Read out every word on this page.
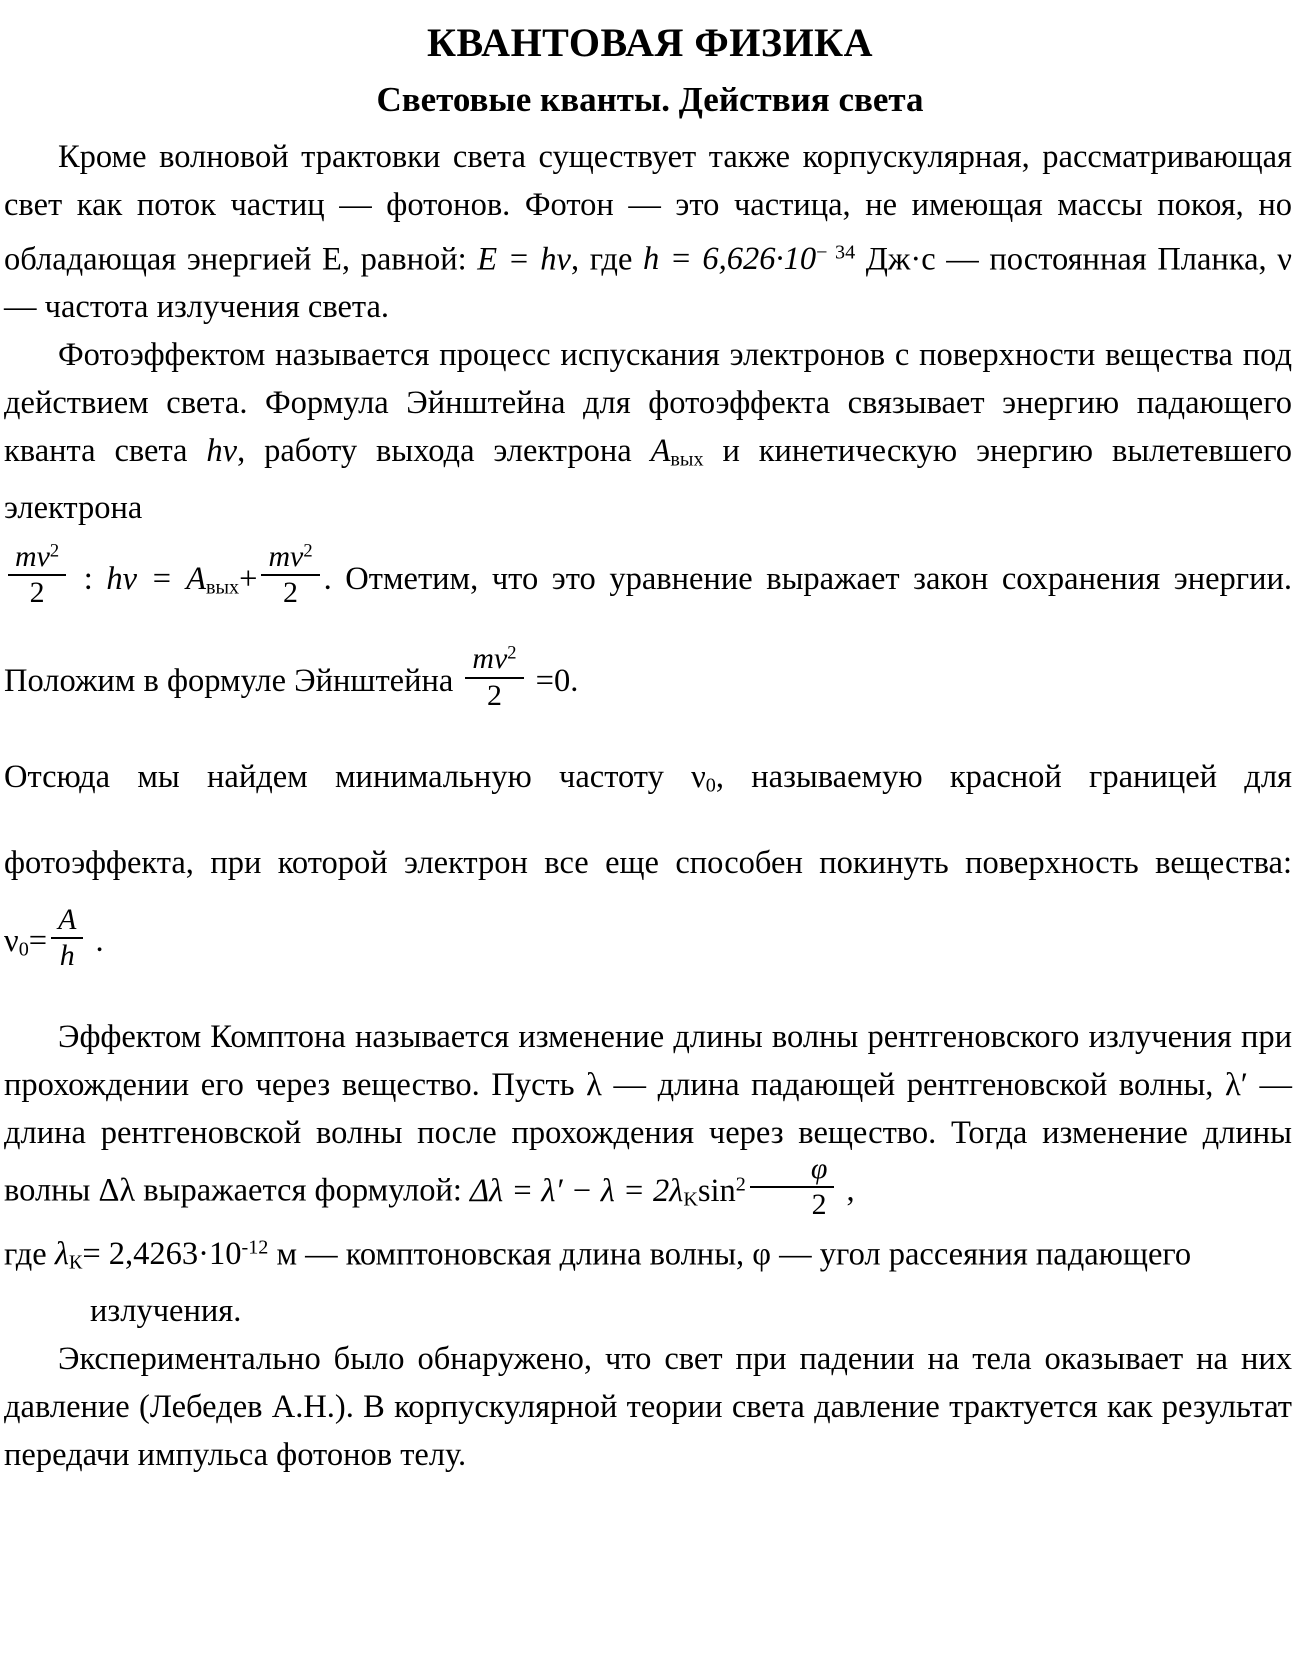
КВАНТОВАЯ ФИЗИКА
Световые кванты. Действия света

Кроме волновой трактовки света существует также корпускулярная, рассматривающая свет как поток частиц — фотонов. Фотон — это частица, не имеющая массы покоя, но обладающая энергией E, равной: E = hν, где $h = 6,626\cdot 10^{- 34}$ Дж·с — постоянная Планка, ν — частота излучения света.

Фотоэффектом называется процесс испускания электронов с поверхности вещества под действием света. Формула Эйнштейна для фотоэффекта связывает энергию падающего кванта света hν, работу выхода электрона $A_{вых}$ и кинетическую энергию вылетевшего электрона

$\frac{mv^2}{2}$ : $h\nu = A_{вых}+ \frac{mv^2}{2}$ . Отметим, что это уравнение выражает закон сохранения энергии. Положим в формуле Эйнштейна $\frac{mv^2}{2} =0$.

Отсюда мы найдем минимальную частоту $\nu_0$, называемую красной границей для фотоэффекта, при которой электрон все еще способен покинуть поверхность вещества: $\nu_0= \frac{A}{h}$ .

Эффектом Комптона называется изменение длины волны рентгеновского излучения при прохождении его через вещество. Пусть λ — длина падающей рентгеновской волны, λ′ — длина рентгеновской волны после прохождения через вещество. Тогда изменение длины волны Δλ выражается формулой: $\Delta\lambda = \lambda' - \lambda = 2\lambda_K\sin^2 \frac{\varphi}{2}$ ,

где $\lambda_К= 2,4263\cdot 10^{-12}$ м — комптоновская длина волны, φ — угол рассеяния падающего излучения.

Экспериментально было обнаружено, что свет при падении на тела оказывает на них давление (Лебедев А.Н.). В корпускулярной теории света давление трактуется как результат передачи импульса фотонов телу.
